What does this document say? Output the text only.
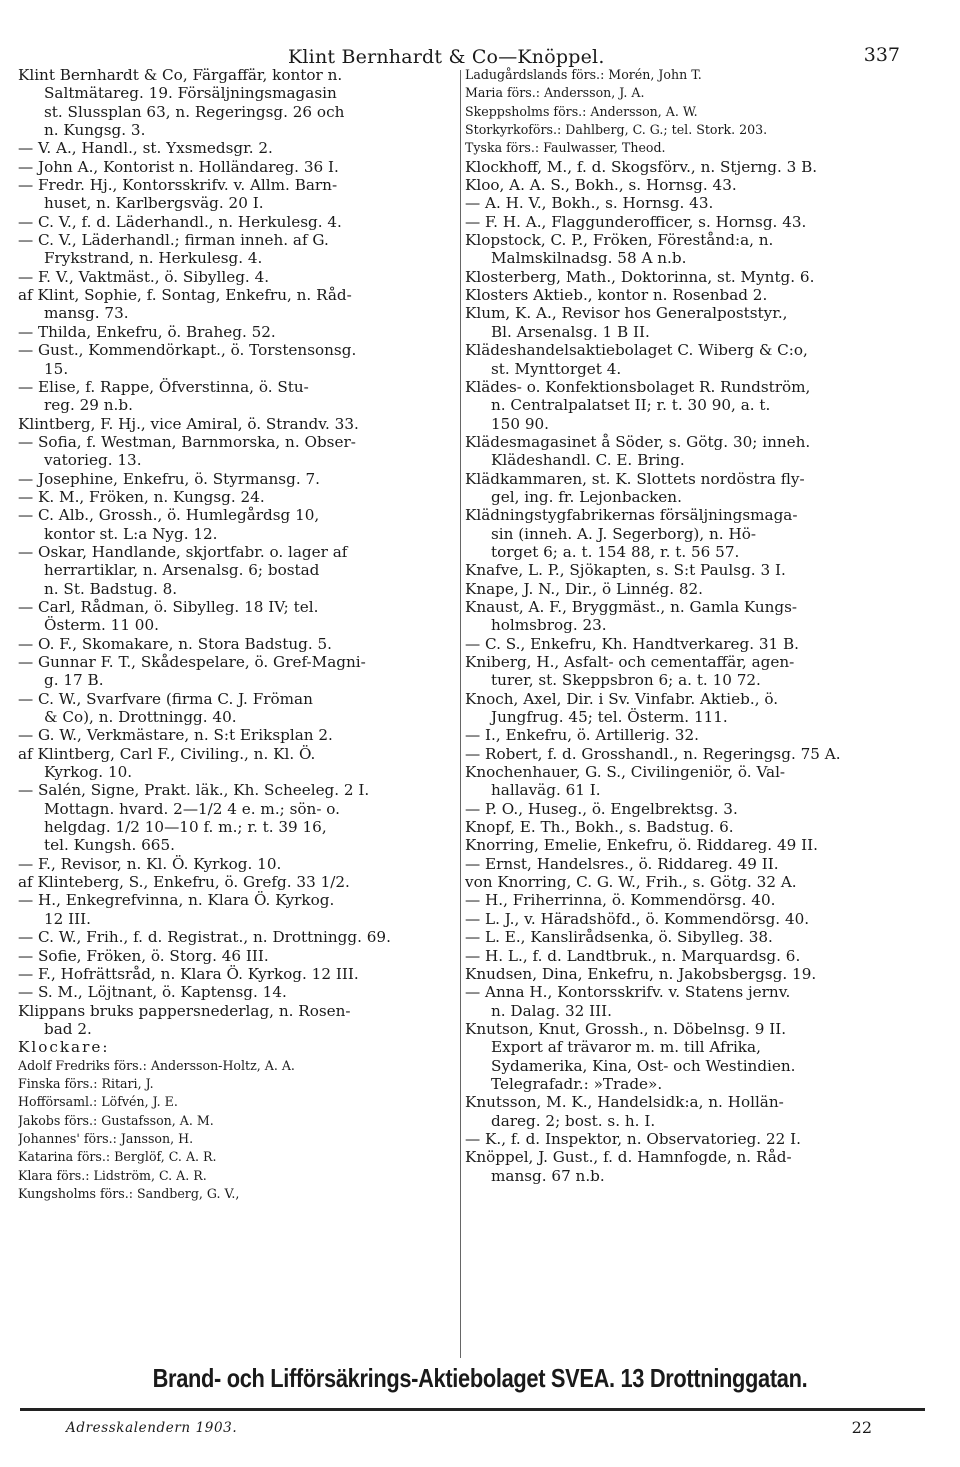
Klint Bernhardt & Co—Knöppel.	337
Klint Bernhardt & Co, Färgaffär, kontor n.
Saltmätareg. 19. Försäljningsmagasin
st. Slussplan 63, n. Regeringsg. 26 och
n. Kungsg. 3.
— V. A., Handl., st. Yxsmedsgr. 2.
— John A., Kontorist n. Holländareg. 36 I.
— Fredr. Hj., Kontorsskrifv. v. Allm. Barn-
huset, n. Karlbergsväg. 20 I.
— C. V., f. d. Läderhandl., n. Herkulesg. 4.
— C. V., Läderhandl.; firman inneh. af G.
Frykstrand, n. Herkulesg. 4.
— F. V., Vaktmäst., ö. Sibylleg. 4.
af Klint, Sophie, f. Sontag, Enkefru, n. Råd-
mansg. 73.
— Thilda, Enkefru, ö. Braheg. 52.
— Gust., Kommendörkapt., ö. Torstensonsg.
15.
— Elise, f. Rappe, Öfverstinna, ö. Stu-
reg. 29 n.b.
Klintberg, F. Hj., vice Amiral, ö. Strandv. 33.
— Sofia, f. Westman, Barnmorska, n. Obser-
vatorieg. 13.
— Josephine, Enkefru, ö. Styrmansg. 7.
— K. M., Fröken, n. Kungsg. 24.
— C. Alb., Grossh., ö. Humlegårdsg 10,
kontor st. L:a Nyg. 12.
— Oskar, Handlande, skjortfabr. o. lager af
herrartiklar, n. Arsenalsg. 6; bostad
n. St. Badstug. 8.
— Carl, Rådman, ö. Sibylleg. 18 IV; tel.
Österm. 11 00.
— O. F., Skomakare, n. Stora Badstug. 5.
— Gunnar F. T., Skådespelare, ö. Gref-Magni-
g. 17 B.
— C. W., Svarfvare (firma C. J. Fröman
& Co), n. Drottningg. 40.
— G. W., Verkmästare, n. S:t Eriksplan 2.
af Klintberg, Carl F., Civiling., n. Kl. Ö.
Kyrkog. 10.
— Salén, Signe, Prakt. läk., Kh. Scheeleg. 2 I.
Mottagn. hvard. 2—1/2 4 e. m.; sön- o.
helgdag. 1/2 10—10 f. m.; r. t. 39 16,
tel. Kungsh. 665.
— F., Revisor, n. Kl. Ö. Kyrkog. 10.
af Klinteberg, S., Enkefru, ö. Grefg. 33 1/2.
— H., Enkegrefvinna, n. Klara Ö. Kyrkog.
12 III.
— C. W., Frih., f. d. Registrat., n. Drottningg. 69.
— Sofie, Fröken, ö. Storg. 46 III.
— F., Hofrättsråd, n. Klara Ö. Kyrkog. 12 III.
— S. M., Löjtnant, ö. Kaptensg. 14.
Klippans bruks pappersnederlag, n. Rosen-
bad 2.
Klockare:
Adolf Fredriks förs.: Andersson-Holtz, A. A.
Finska förs.: Ritari, J.
Hofförsaml.: Löfvén, J. E.
Jakobs förs.: Gustafsson, A. M.
Johannes' förs.: Jansson, H.
Katarina förs.: Berglöf, C. A. R.
Klara förs.: Lidström, C. A. R.
Kungsholms förs.: Sandberg, G. V.,
Ladugårdslands förs.: Morén, John T.
Maria förs.: Andersson, J. A.
Skeppsholms förs.: Andersson, A. W.
Storkyrkoförs.: Dahlberg, C. G.; tel. Stork. 203.
Tyska förs.: Faulwasser, Theod.
Klockhoff, M., f. d. Skogsförv., n. Stjerng. 3 B.
Kloo, A. A. S., Bokh., s. Hornsg. 43.
— A. H. V., Bokh., s. Hornsg. 43.
— F. H. A., Flaggunderofficer, s. Hornsg. 43.
Klopstock, C. P., Fröken, Förestånd:a, n.
Malmskilnadsg. 58 A n.b.
Klosterberg, Math., Doktorinna, st. Myntg. 6.
Klosters Aktieb., kontor n. Rosenbad 2.
Klum, K. A., Revisor hos Generalpoststyr.,
Bl. Arsenalsg. 1 B II.
Klädeshandelsaktiebolaget C. Wiberg & C:o,
st. Mynttorget 4.
Klädes- o. Konfektionsbolaget R. Rundström,
n. Centralpalatset II; r. t. 30 90, a. t.
150 90.
Klädesmagasinet å Söder, s. Götg. 30; inneh.
Klädeshandl. C. E. Bring.
Klädkammaren, st. K. Slottets nordöstra fly-
gel, ing. fr. Lejonbacken.
Klädningstygfabrikernas försäljningsmaga-
sin (inneh. A. J. Segerborg), n. Hö-
torget 6; a. t. 154 88, r. t. 56 57.
Knafve, L. P., Sjökapten, s. S:t Paulsg. 3 I.
Knape, J. N., Dir., ö Linnég. 82.
Knaust, A. F., Bryggmäst., n. Gamla Kungs-
holmsbrog. 23.
— C. S., Enkefru, Kh. Handtverkareg. 31 B.
Kniberg, H., Asfalt- och cementaffär, agen-
turer, st. Skeppsbron 6; a. t. 10 72.
Knoch, Axel, Dir. i Sv. Vinfabr. Aktieb., ö.
Jungfrug. 45; tel. Österm. 111.
— I., Enkefru, ö. Artillerig. 32.
— Robert, f. d. Grosshandl., n. Regeringsg. 75 A.
Knochenhauer, G. S., Civilingeniör, ö. Val-
hallaväg. 61 I.
— P. O., Huseg., ö. Engelbrektsg. 3.
Knopf, E. Th., Bokh., s. Badstug. 6.
Knorring, Emelie, Enkefru, ö. Riddareg. 49 II.
— Ernst, Handelsres., ö. Riddareg. 49 II.
von Knorring, C. G. W., Frih., s. Götg. 32 A.
— H., Friherrinna, ö. Kommendörsg. 40.
— L. J., v. Häradshöfd., ö. Kommendörsg. 40.
— L. E., Kanslirådsenka, ö. Sibylleg. 38.
— H. L., f. d. Landtbruk., n. Marquardsg. 6.
Knudsen, Dina, Enkefru, n. Jakobsbergsg. 19.
— Anna H., Kontorsskrifv. v. Statens jernv.
n. Dalag. 32 III.
Knutson, Knut, Grossh., n. Döbelnsg. 9 II.
Export af trävaror m. m. till Afrika,
Sydamerika, Kina, Ost- och Westindien.
Telegrafadr.: »Trade».
Knutsson, M. K., Handelsidk:a, n. Hollän-
dareg. 2; bost. s. h. I.
— K., f. d. Inspektor, n. Observatorieg. 22 I.
Knöppel, J. Gust., f. d. Hamnfogde, n. Råd-
mansg. 67 n.b.
Brand- och Lifförsäkrings-Aktiebolaget SVEA. 13 Drottninggatan.
Adresskalendern 1903.	22
